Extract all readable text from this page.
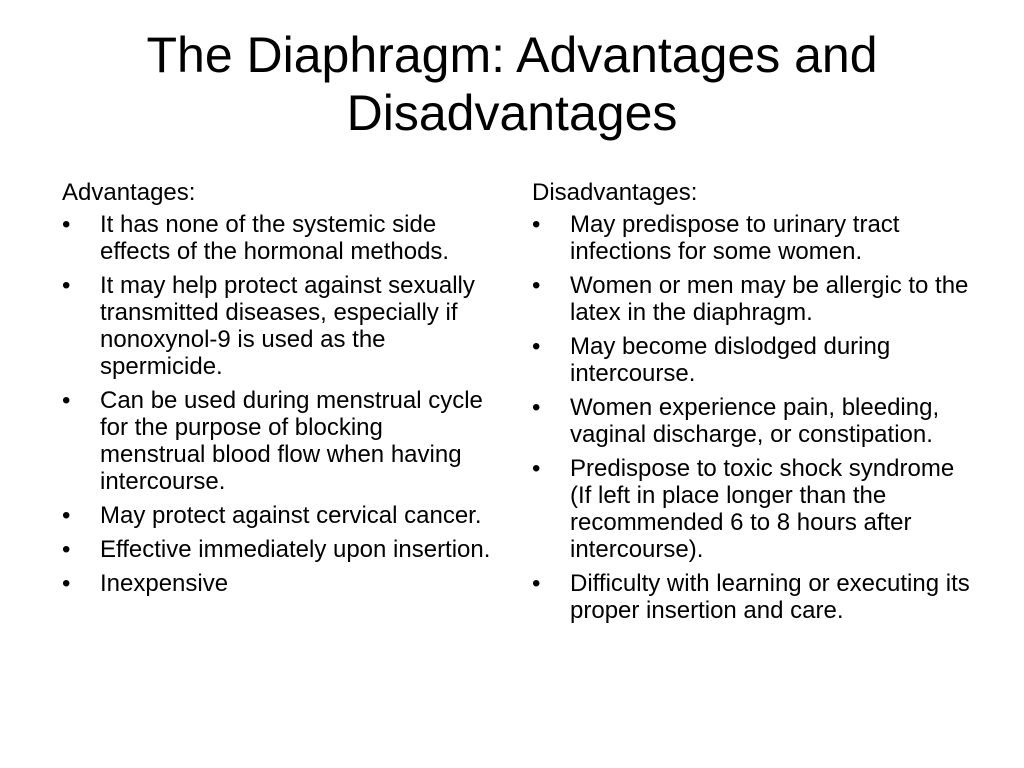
The Diaphragm: Advantages and Disadvantages

Advantages:

• It has none of the systemic side effects of the hormonal methods.
• It may help protect against sexually transmitted diseases, especially if nonoxynol-9 is used as the spermicide.
• Can be used during menstrual cycle for the purpose of blocking menstrual blood flow when having intercourse.
• May protect against cervical cancer.
• Effective immediately upon insertion.
• Inexpensive

Disadvantages:

• May predispose to urinary tract infections for some women.
• Women or men may be allergic to the latex in the diaphragm.
• May become dislodged during intercourse.
• Women experience pain, bleeding, vaginal discharge, or constipation.
• Predispose to toxic shock syndrome (If left in place longer than the recommended 6 to 8 hours after intercourse).
• Difficulty with learning or executing its proper insertion and care.
